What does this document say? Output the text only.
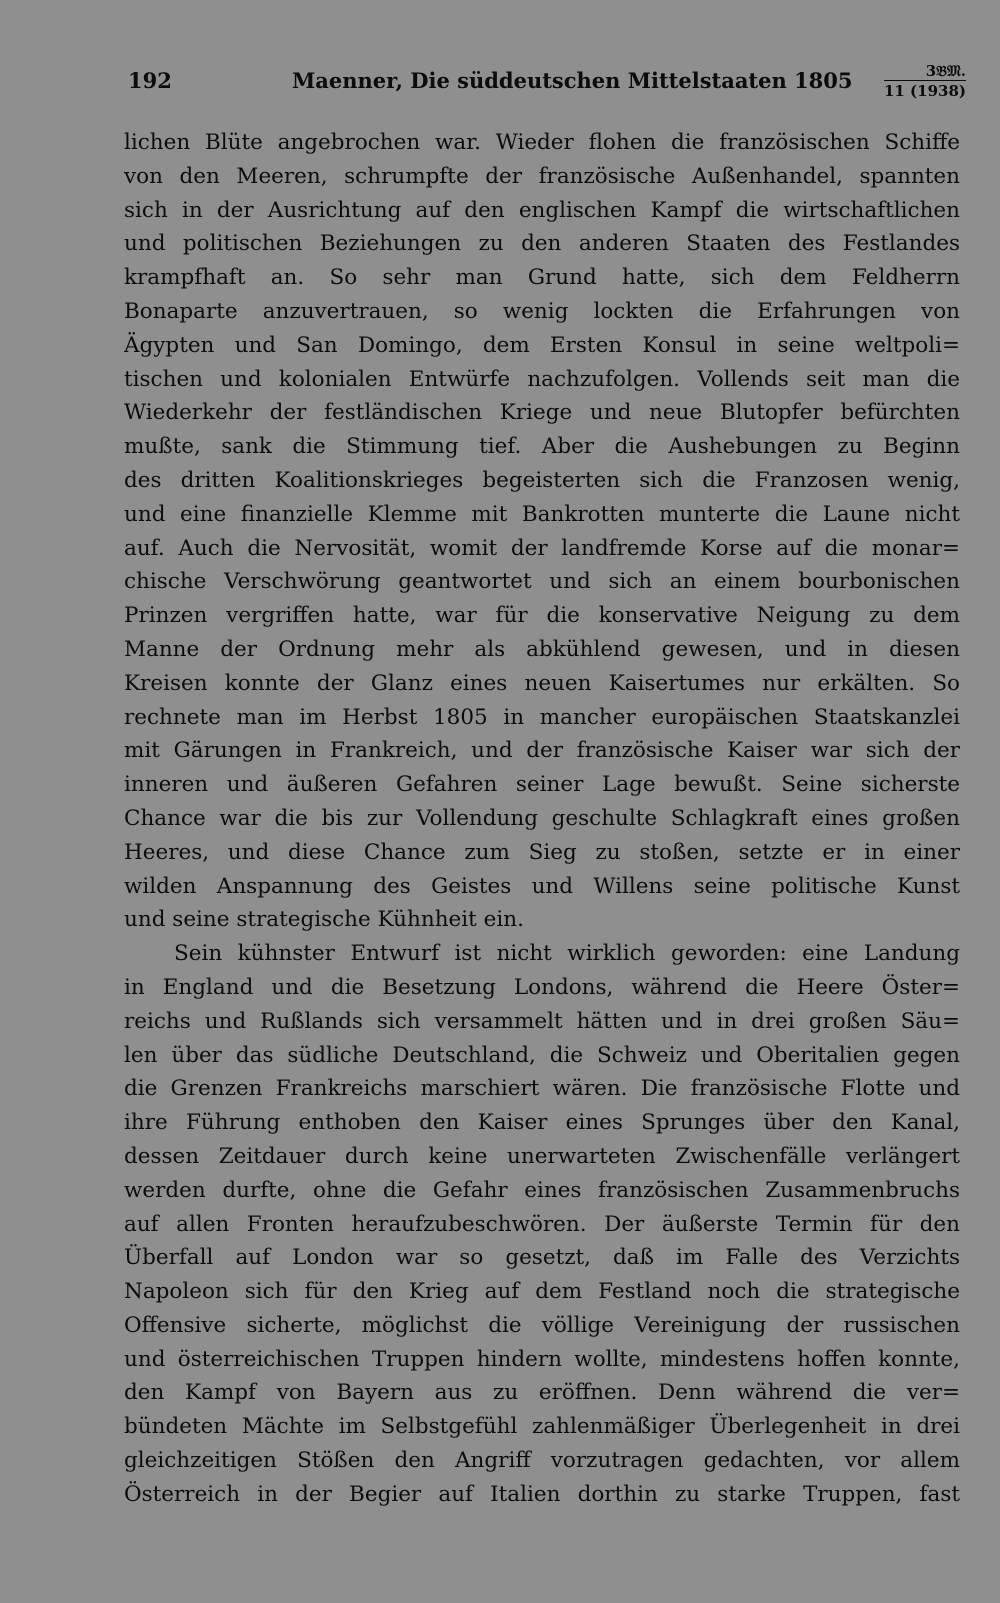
192	Maenner, Die süddeutschen Mittelstaaten 1805	3𝔅𝔐.
11 (1938)
lichen Blüte angebrochen war. Wieder flohen die französischen Schiffe
von den Meeren, schrumpfte der französische Außenhandel, spannten
sich in der Ausrichtung auf den englischen Kampf die wirtschaftlichen
und politischen Beziehungen zu den anderen Staaten des Festlandes
krampfhaft an. So sehr man Grund hatte, sich dem Feldherrn
Bonaparte anzuvertrauen, so wenig lockten die Erfahrungen von
Ägypten und San Domingo, dem Ersten Konsul in seine weltpoli=
tischen und kolonialen Entwürfe nachzufolgen. Vollends seit man die
Wiederkehr der festländischen Kriege und neue Blutopfer befürchten
mußte, sank die Stimmung tief. Aber die Aushebungen zu Beginn
des dritten Koalitionskrieges begeisterten sich die Franzosen wenig,
und eine finanzielle Klemme mit Bankrotten munterte die Laune nicht
auf. Auch die Nervosität, womit der landfremde Korse auf die monar=
chische Verschwörung geantwortet und sich an einem bourbonischen
Prinzen vergriffen hatte, war für die konservative Neigung zu dem
Manne der Ordnung mehr als abkühlend gewesen, und in diesen
Kreisen konnte der Glanz eines neuen Kaisertumes nur erkälten. So
rechnete man im Herbst 1805 in mancher europäischen Staatskanzlei
mit Gärungen in Frankreich, und der französische Kaiser war sich der
inneren und äußeren Gefahren seiner Lage bewußt. Seine sicherste
Chance war die bis zur Vollendung geschulte Schlagkraft eines großen
Heeres, und diese Chance zum Sieg zu stoßen, setzte er in einer
wilden Anspannung des Geistes und Willens seine politische Kunst
und seine strategische Kühnheit ein.
Sein kühnster Entwurf ist nicht wirklich geworden: eine Landung
in England und die Besetzung Londons, während die Heere Öster=
reichs und Rußlands sich versammelt hätten und in drei großen Säu=
len über das südliche Deutschland, die Schweiz und Oberitalien gegen
die Grenzen Frankreichs marschiert wären. Die französische Flotte und
ihre Führung enthoben den Kaiser eines Sprunges über den Kanal,
dessen Zeitdauer durch keine unerwarteten Zwischenfälle verlängert
werden durfte, ohne die Gefahr eines französischen Zusammenbruchs
auf allen Fronten heraufzubeschwören. Der äußerste Termin für den
Überfall auf London war so gesetzt, daß im Falle des Verzichts
Napoleon sich für den Krieg auf dem Festland noch die strategische
Offensive sicherte, möglichst die völlige Vereinigung der russischen
und österreichischen Truppen hindern wollte, mindestens hoffen konnte,
den Kampf von Bayern aus zu eröffnen. Denn während die ver=
bündeten Mächte im Selbstgefühl zahlenmäßiger Überlegenheit in drei
gleichzeitigen Stößen den Angriff vorzutragen gedachten, vor allem
Österreich in der Begier auf Italien dorthin zu starke Truppen, fast
